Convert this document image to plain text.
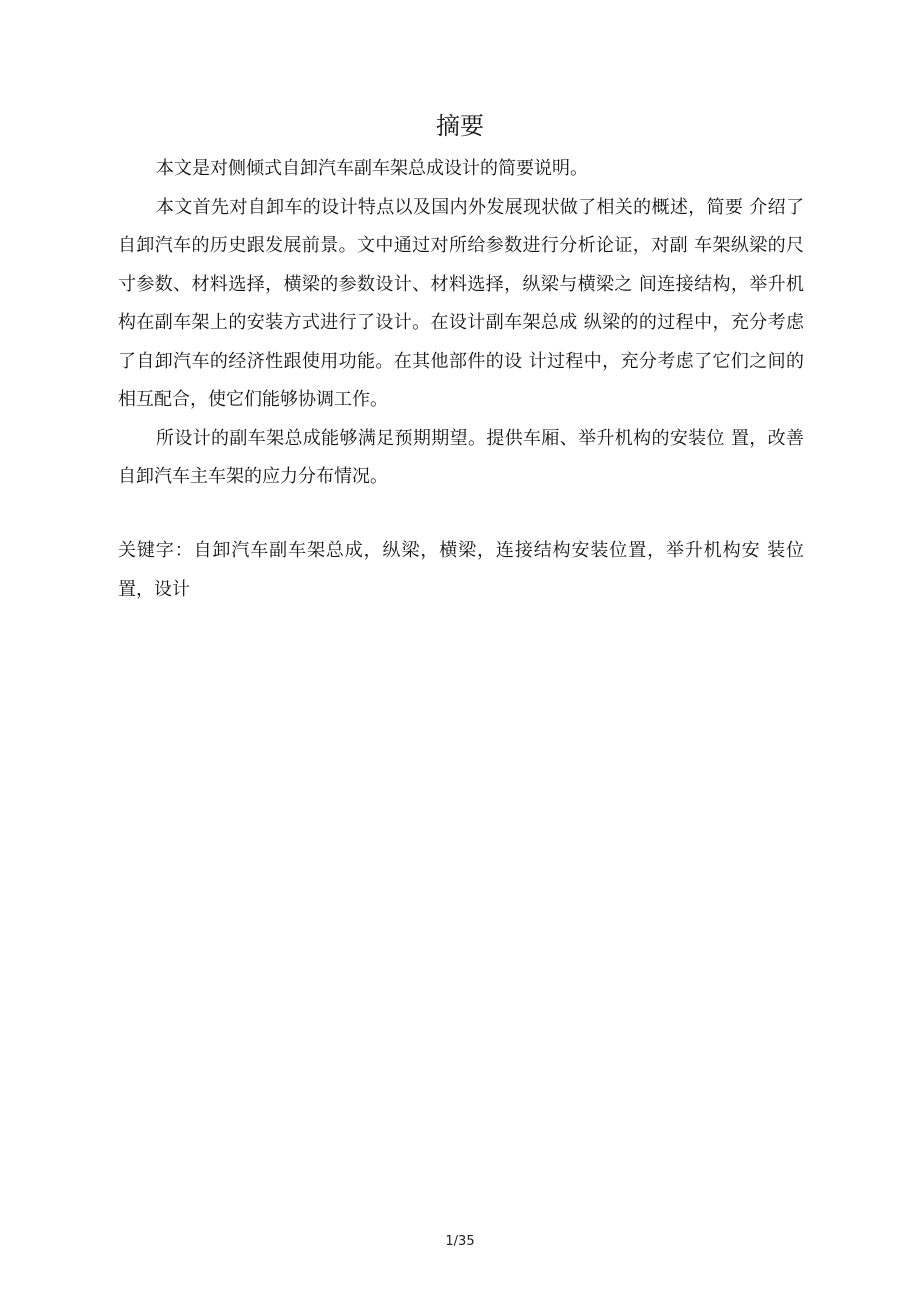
摘要

本文是对侧倾式自卸汽车副车架总成设计的简要说明。

本文首先对自卸车的设计特点以及国内外发展现状做了相关的概述，简要 介绍了自卸汽车的历史跟发展前景。文中通过对所给参数进行分析论证，对副 车架纵梁的尺寸参数、材料选择，横梁的参数设计、材料选择，纵梁与横梁之 间连接结构，举升机构在副车架上的安装方式进行了设计。在设计副车架总成 纵梁的的过程中，充分考虑了自卸汽车的经济性跟使用功能。在其他部件的设 计过程中，充分考虑了它们之间的相互配合，使它们能够协调工作。

所设计的副车架总成能够满足预期期望。提供车厢、举升机构的安装位 置，改善自卸汽车主车架的应力分布情况。

关键字：自卸汽车副车架总成，纵梁，横梁，连接结构安装位置，举升机构安 装位置，设计

1/35
